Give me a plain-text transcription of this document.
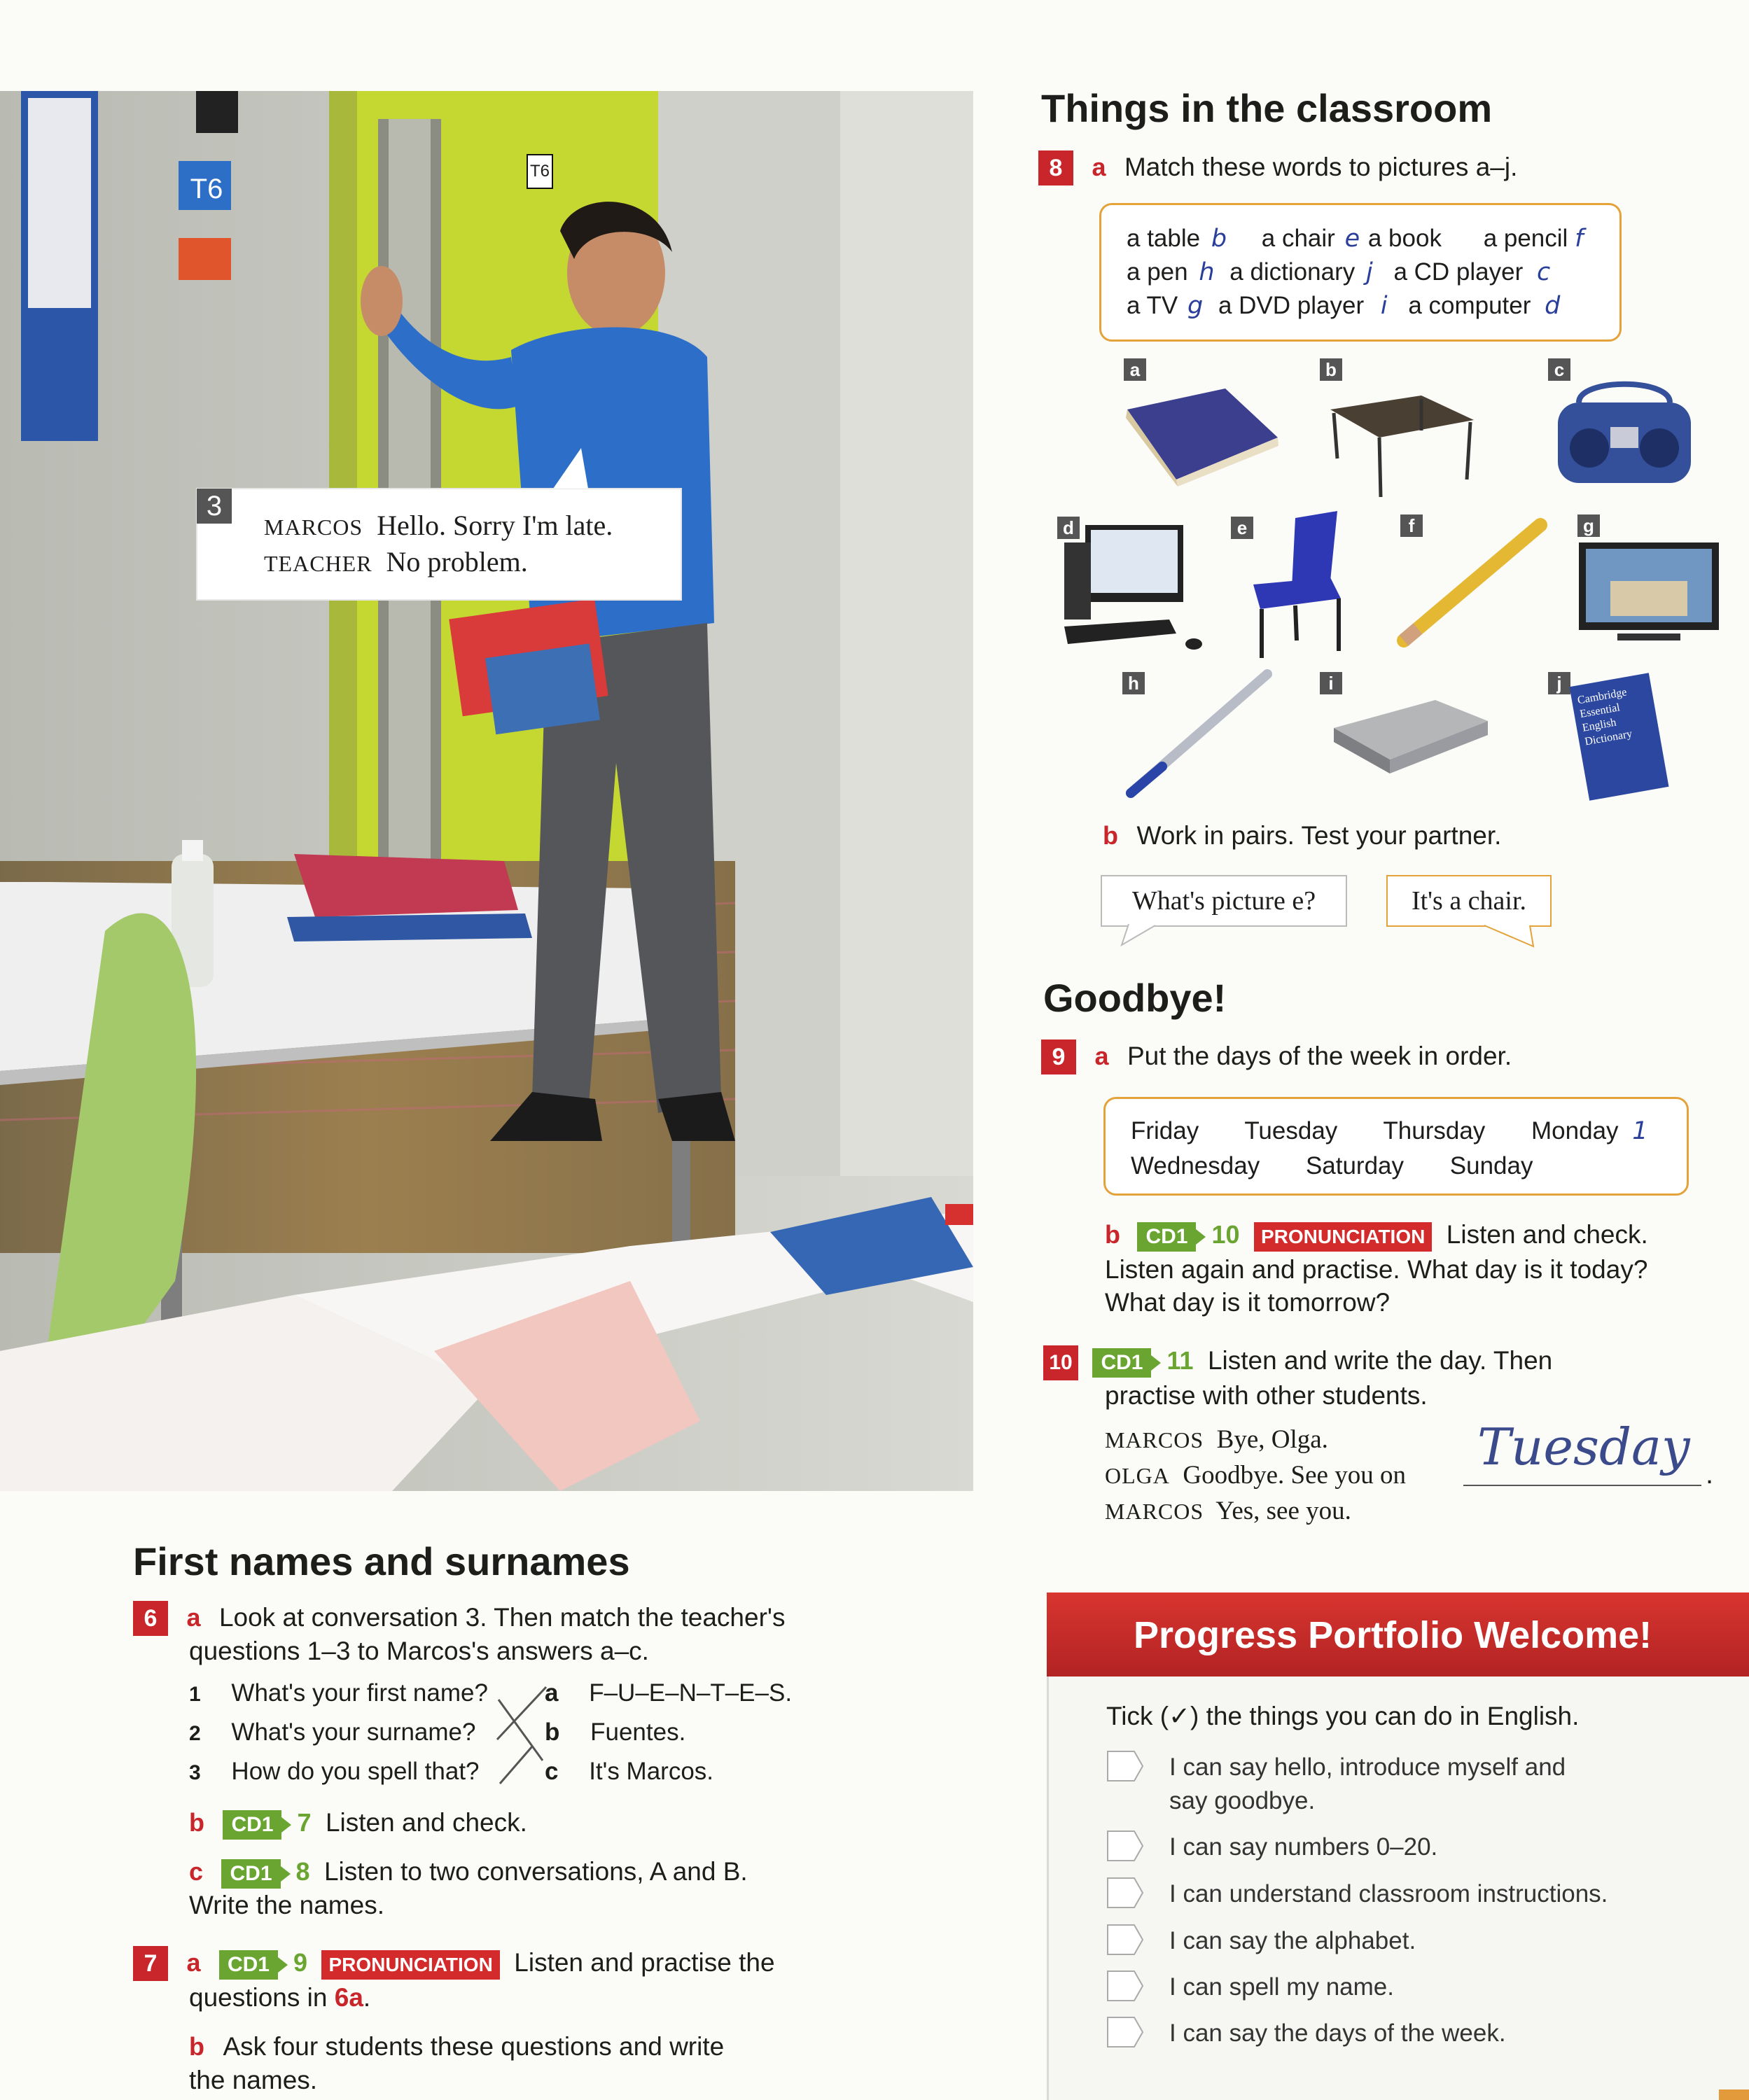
T6
T6
3
MARCOS Hello. Sorry I'm late.
TEACHER No problem.
Things in the classroom
8 a Match these words to pictures a–j.
a table b a chair e a book a pencil f
a pen h a dictionary j a CD player c
a TV g a DVD player i a computer d
a	b	c
d	e	f	g
h	i	j
Cambridge Essential English Dictionary
b Work in pairs. Test your partner.
What's picture e?	It's a chair.
Goodbye!
9 a Put the days of the week in order.
Friday Tuesday Thursday Monday 1
Wednesday Saturday Sunday
b CD1 10 PRONUNCIATION Listen and check.
Listen again and practise. What day is it today?
What day is it tomorrow?
10 CD1 11 Listen and write the day. Then
practise with other students.
MARCOS Bye, Olga.
OLGA Goodbye. See you on Tuesday .
MARCOS Yes, see you.
Progress Portfolio Welcome!
Tick (✓) the things you can do in English.
I can say hello, introduce myself and
say goodbye.
I can say numbers 0–20.
I can understand classroom instructions.
I can say the alphabet.
I can spell my name.
I can say the days of the week.
First names and surnames
6 a Look at conversation 3. Then match the teacher's
questions 1–3 to Marcos's answers a–c.
1 What's your first name? a F–U–E–N–T–E–S.
2 What's your surname?	b Fuentes.
3 How do you spell that?	c It's Marcos.
b CD1 7 Listen and check.
c CD1 8 Listen to two conversations, A and B.
Write the names.
7 a CD1 9 PRONUNCIATION Listen and practise the
questions in 6a.
b Ask four students these questions and write
the names.
